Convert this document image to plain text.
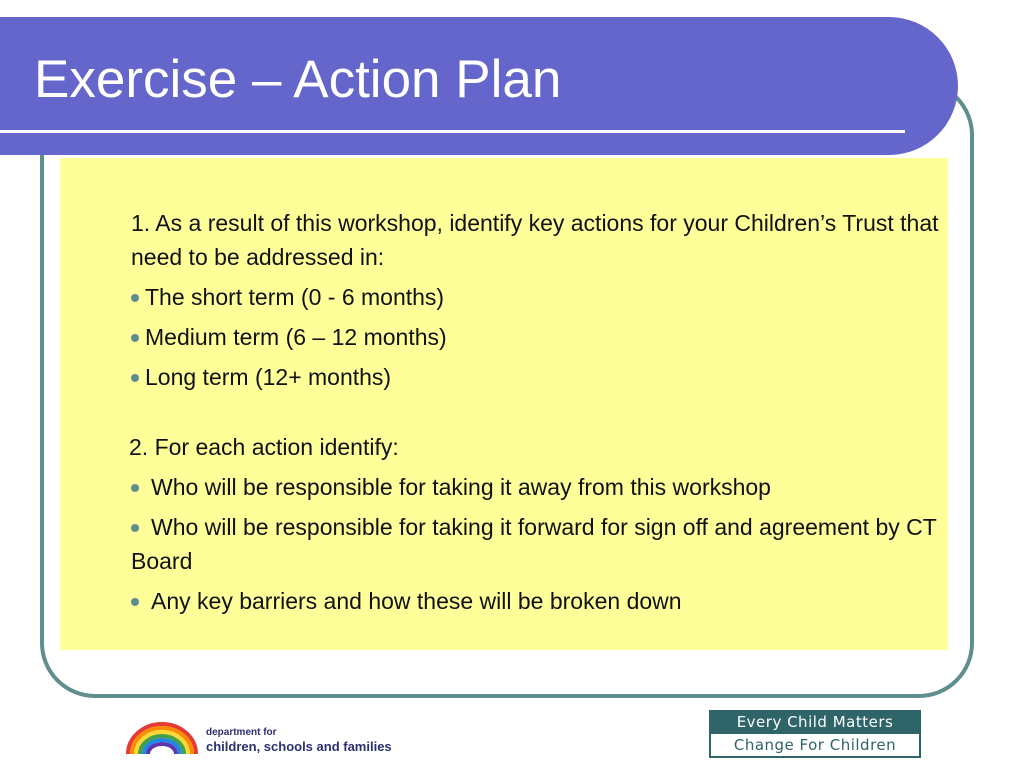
Exercise – Action Plan

1. As a result of this workshop, identify key actions for your Children’s Trust that need to be addressed in:

The short term (0 - 6 months)
Medium term (6 – 12 months)
Long term (12+ months)

2. For each action identify:

Who will be responsible for taking it away from this workshop
Who will be responsible for taking it forward for sign off and agreement by CT Board
Any key barriers and how these will be broken down
department for
children, schools and families
Every Child Matters
Change For Children
